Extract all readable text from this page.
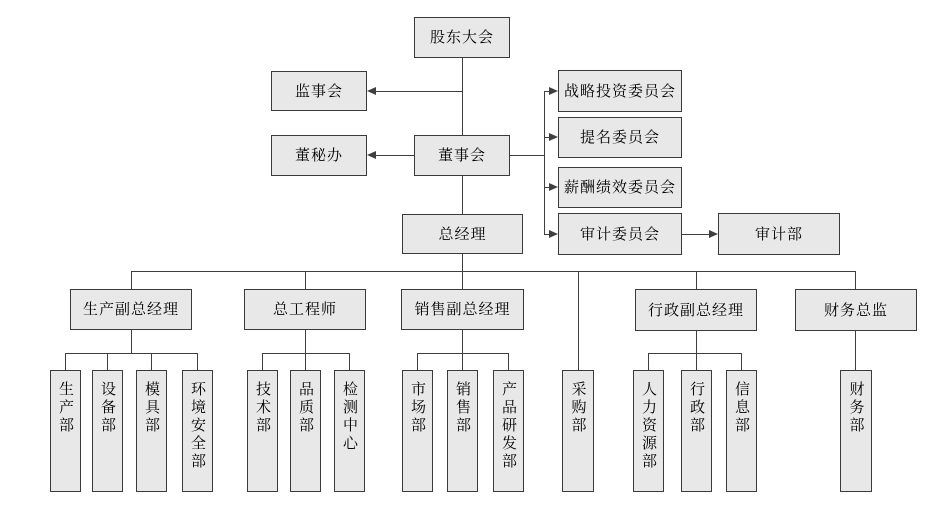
股东大会
监事会
董秘办	董事会
战略投资委员会
提名委员会
薪酬绩效委员会
审计委员会	审计部
总经理
生产副总经理	总工程师	销售副总经理	行政副总经理	财务总监
生产部 设备部 模具部 环境安全部	技术部 品质部 检测中心	市场部 销售部 产品研发部	采购部	人力资源部 行政部 信息部	财务部
